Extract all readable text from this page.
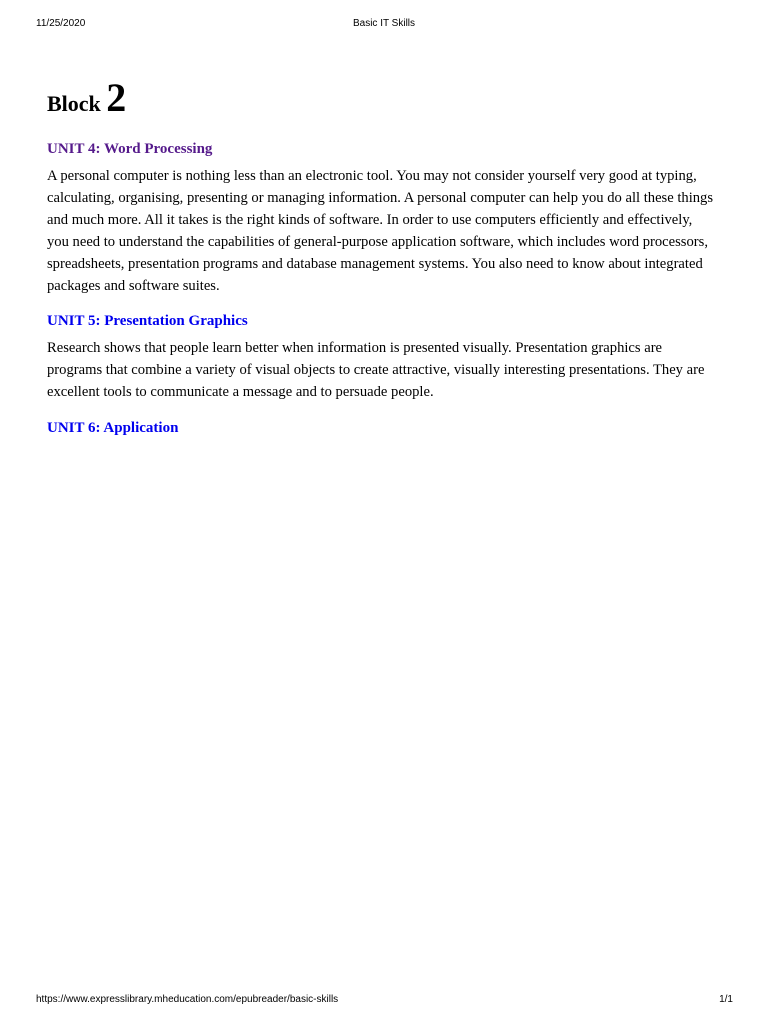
11/25/2020	Basic IT Skills
Block 2
UNIT 4: Word Processing

A personal computer is nothing less than an electronic tool. You may not consider yourself very good at typing, calculating, organising, presenting or managing information. A personal computer can help you do all these things and much more. All it takes is the right kinds of software. In order to use computers efficiently and effectively, you need to understand the capabilities of general-purpose application software, which includes word processors, spreadsheets, presentation programs and database management systems. You also need to know about integrated packages and software suites.

UNIT 5: Presentation Graphics

Research shows that people learn better when information is presented visually. Presentation graphics are programs that combine a variety of visual objects to create attractive, visually interesting presentations. They are excellent tools to communicate a message and to persuade people.

UNIT 6: Application
https://www.expresslibrary.mheducation.com/epubreader/basic-skills	1/1
